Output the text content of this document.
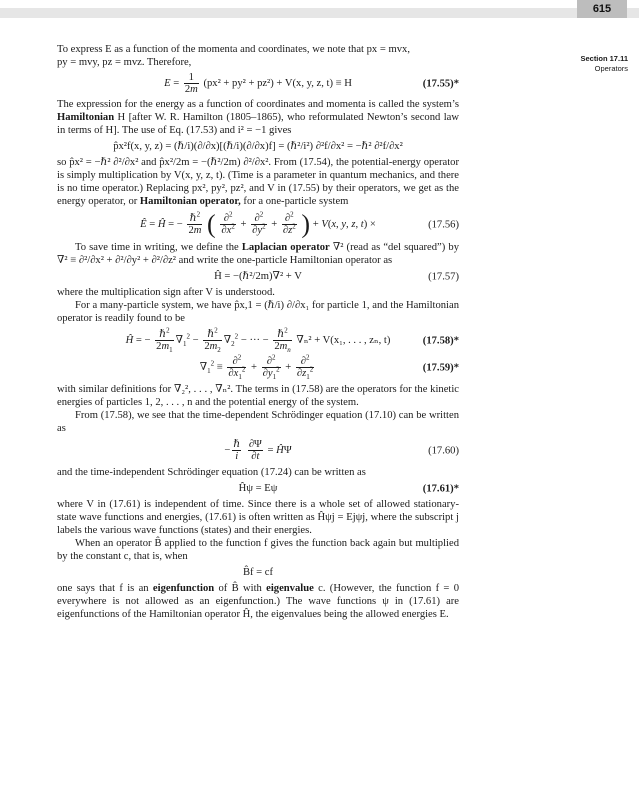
615
Section 17.11
Operators

To express E as a function of the momenta and coordinates, we note that px = mvx,
py = mvy, pz = mvz. Therefore,

$E = \frac{1}{2m} (px^2 + py^2 + pz^2) + V(x$, y, z, t) ≡ H	(17.55)*

The expression for the energy as a function of coordinates and momenta is called the system’s Hamiltonian H [after W. R. Hamilton (1805–1865), who reformulated Newton’s second law in terms of H]. The use of Eq. (17.53) and i² = −1 gives

p̂x²f(x, y, z) = (ℏ/i)(∂/∂x)[(ℏ/i)(∂/∂x)f] = (ℏ²/i²) ∂²f/∂x² = −ℏ² ∂²f/∂x²

so p̂x² = −ℏ² ∂²/∂x² and p̂x²/2m = −(ℏ²/2m) ∂²/∂x². From (17.54), the potential-energy operator is simply multiplication by V(x, y, z, t). (Time is a parameter in quantum mechanics, and there is no time operator.) Replacing px², py², pz², and V in (17.55) by their operators, we get as the energy operator, or Hamiltonian operator, for a one-particle system

Ê = Ĥ = − $\frac{\hbar^2}{2m}$ ( $\frac{\partial^2}{\partial x^2} + \frac{\partial^2}{\partial y^2} + \frac{\partial^2}{\partial z^2}$ ) + V(x, y, z, t) ×	(17.56)

To save time in writing, we define the Laplacian operator ∇² (read as “del squared”) by ∇² ≡ ∂²/∂x² + ∂²/∂y² + ∂²/∂z² and write the one-particle Hamiltonian operator as

Ĥ = −(ℏ²/2m)∇² + V	(17.57)

where the multiplication sign after V is understood.

For a many-particle system, we have p̂x,1 = (ℏ/i) ∂/∂x₁ for particle 1, and the Hamiltonian operator is readily found to be

Ĥ = − $\frac{\hbar^2}{2m_1} \nabla_1^2 - \frac{\hbar^2}{2m_2} \nabla_2^2$ − ··· − $\frac{\hbar^2}{2m_n} \nabla_n^2 + V(x_1$, . . . , zₙ, t)	(17.58)*
$\nabla_1^2 \equiv \frac{\partial^2}{\partial x_1^2} + \frac{\partial^2}{\partial y_1^2} + \frac{\partial^2}{\partial z_1^2}$	(17.59)*

with similar definitions for ∇₂², . . . , ∇ₙ². The terms in (17.58) are the operators for the kinetic energies of particles 1, 2, . . . , n and the potential energy of the system.

From (17.58), we see that the time-dependent Schrödinger equation (17.10) can be written as

− $\frac{\text{ℏ}}{i}$
$\frac{\partial\Psi}{\partial t}$ = ĤΨ	(17.60)

and the time-independent Schrödinger equation (17.24) can be written as

Ĥψ = Eψ	(17.61)*

where V in (17.61) is independent of time. Since there is a whole set of allowed stationary-state wave functions and energies, (17.61) is often written as Ĥψj = Ejψj, where the subscript j labels the various wave functions (states) and their energies.

When an operator B̂ applied to the function f gives the function back again but multiplied by the constant c, that is, when

B̂f = cf

one says that f is an eigenfunction of B̂ with eigenvalue c. (However, the function f = 0 everywhere is not allowed as an eigenfunction.) The wave functions ψ in (17.61) are eigenfunctions of the Hamiltonian operator Ĥ, the eigenvalues being the allowed energies E.
